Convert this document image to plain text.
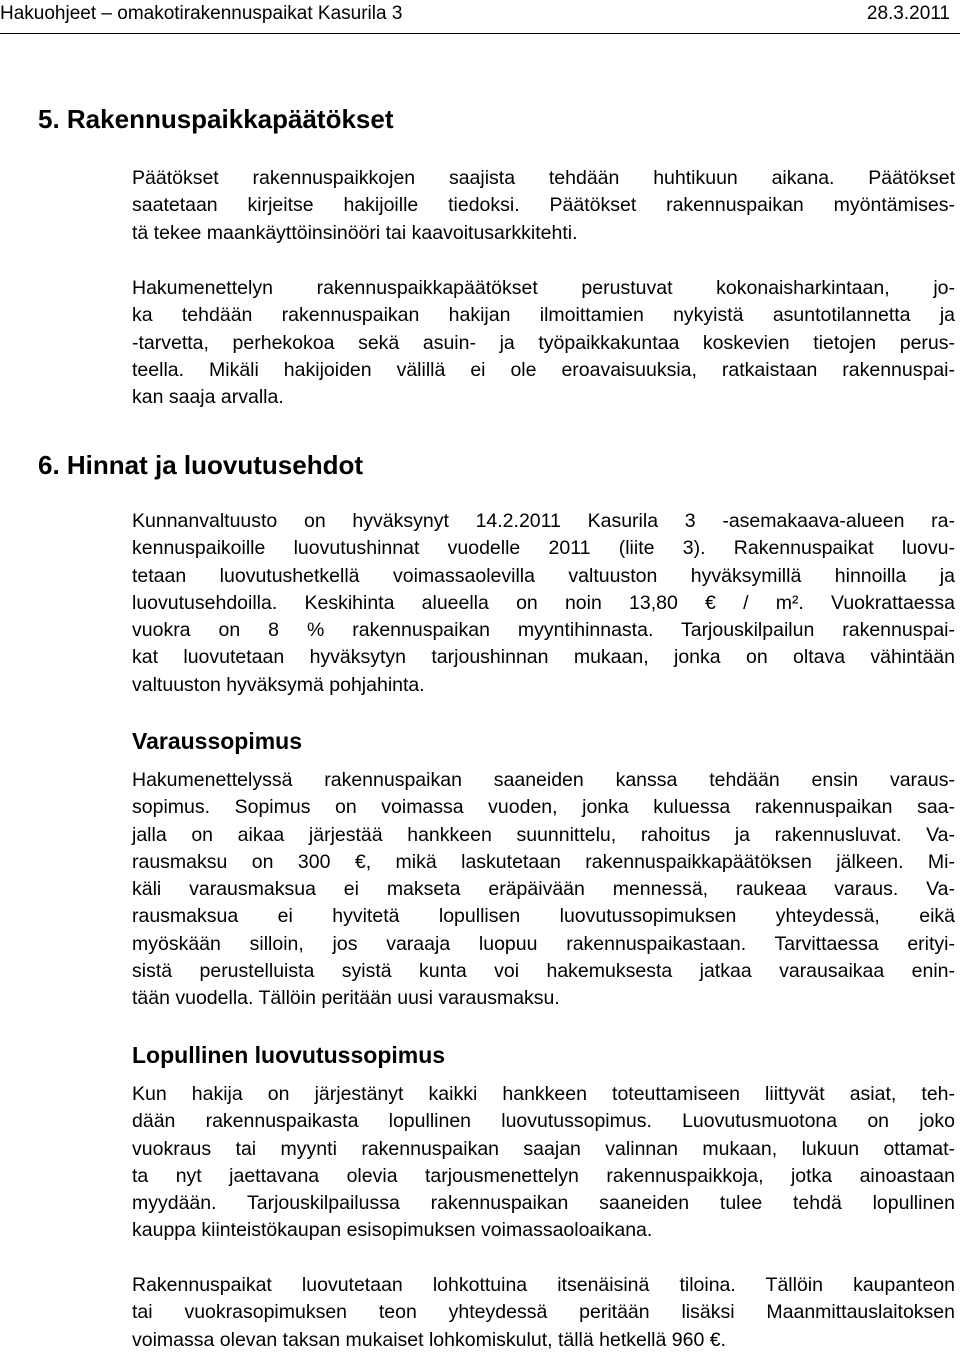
Hakuohjeet – omakotirakennuspaikat Kasurila 3	28.3.2011
5. Rakennuspaikkapäätökset
Päätökset rakennuspaikkojen saajista tehdään huhtikuun aikana. Päätökset
saatetaan kirjeitse hakijoille tiedoksi. Päätökset rakennuspaikan myöntämises-
tä tekee maankäyttöinsinööri tai kaavoitusarkkitehti.
Hakumenettelyn rakennuspaikkapäätökset perustuvat kokonaisharkintaan, jo-
ka tehdään rakennuspaikan hakijan ilmoittamien nykyistä asuntotilannetta ja
-tarvetta, perhekokoa sekä asuin- ja työpaikkakuntaa koskevien tietojen perus-
teella. Mikäli hakijoiden välillä ei ole eroavaisuuksia, ratkaistaan rakennuspai-
kan saaja arvalla.
6. Hinnat ja luovutusehdot
Kunnanvaltuusto on hyväksynyt 14.2.2011 Kasurila 3 -asemakaava-alueen ra-
kennuspaikoille luovutushinnat vuodelle 2011 (liite 3). Rakennuspaikat luovu-
tetaan luovutushetkellä voimassaolevilla valtuuston hyväksymillä hinnoilla ja
luovutusehdoilla. Keskihinta alueella on noin 13,80 € / m². Vuokrattaessa
vuokra on 8 % rakennuspaikan myyntihinnasta. Tarjouskilpailun rakennuspai-
kat luovutetaan hyväksytyn tarjoushinnan mukaan, jonka on oltava vähintään
valtuuston hyväksymä pohjahinta.
Varaussopimus
Hakumenettelyssä rakennuspaikan saaneiden kanssa tehdään ensin varaus-
sopimus. Sopimus on voimassa vuoden, jonka kuluessa rakennuspaikan saa-
jalla on aikaa järjestää hankkeen suunnittelu, rahoitus ja rakennusluvat. Va-
rausmaksu on 300 €, mikä laskutetaan rakennuspaikkapäätöksen jälkeen. Mi-
käli varausmaksua ei makseta eräpäivään mennessä, raukeaa varaus. Va-
rausmaksua ei hyvitetä lopullisen luovutussopimuksen yhteydessä, eikä
myöskään silloin, jos varaaja luopuu rakennuspaikastaan. Tarvittaessa erityi-
sistä perustelluista syistä kunta voi hakemuksesta jatkaa varausaikaa enin-
tään vuodella. Tällöin peritään uusi varausmaksu.
Lopullinen luovutussopimus
Kun hakija on järjestänyt kaikki hankkeen toteuttamiseen liittyvät asiat, teh-
dään rakennuspaikasta lopullinen luovutussopimus. Luovutusmuotona on joko
vuokraus tai myynti rakennuspaikan saajan valinnan mukaan, lukuun ottamat-
ta nyt jaettavana olevia tarjousmenettelyn rakennuspaikkoja, jotka ainoastaan
myydään. Tarjouskilpailussa rakennuspaikan saaneiden tulee tehdä lopullinen
kauppa kiinteistökaupan esisopimuksen voimassaoloaikana.
Rakennuspaikat luovutetaan lohkottuina itsenäisinä tiloina. Tällöin kaupanteon
tai vuokrasopimuksen teon yhteydessä peritään lisäksi Maanmittauslaitoksen
voimassa olevan taksan mukaiset lohkomiskulut, tällä hetkellä 960 €.
